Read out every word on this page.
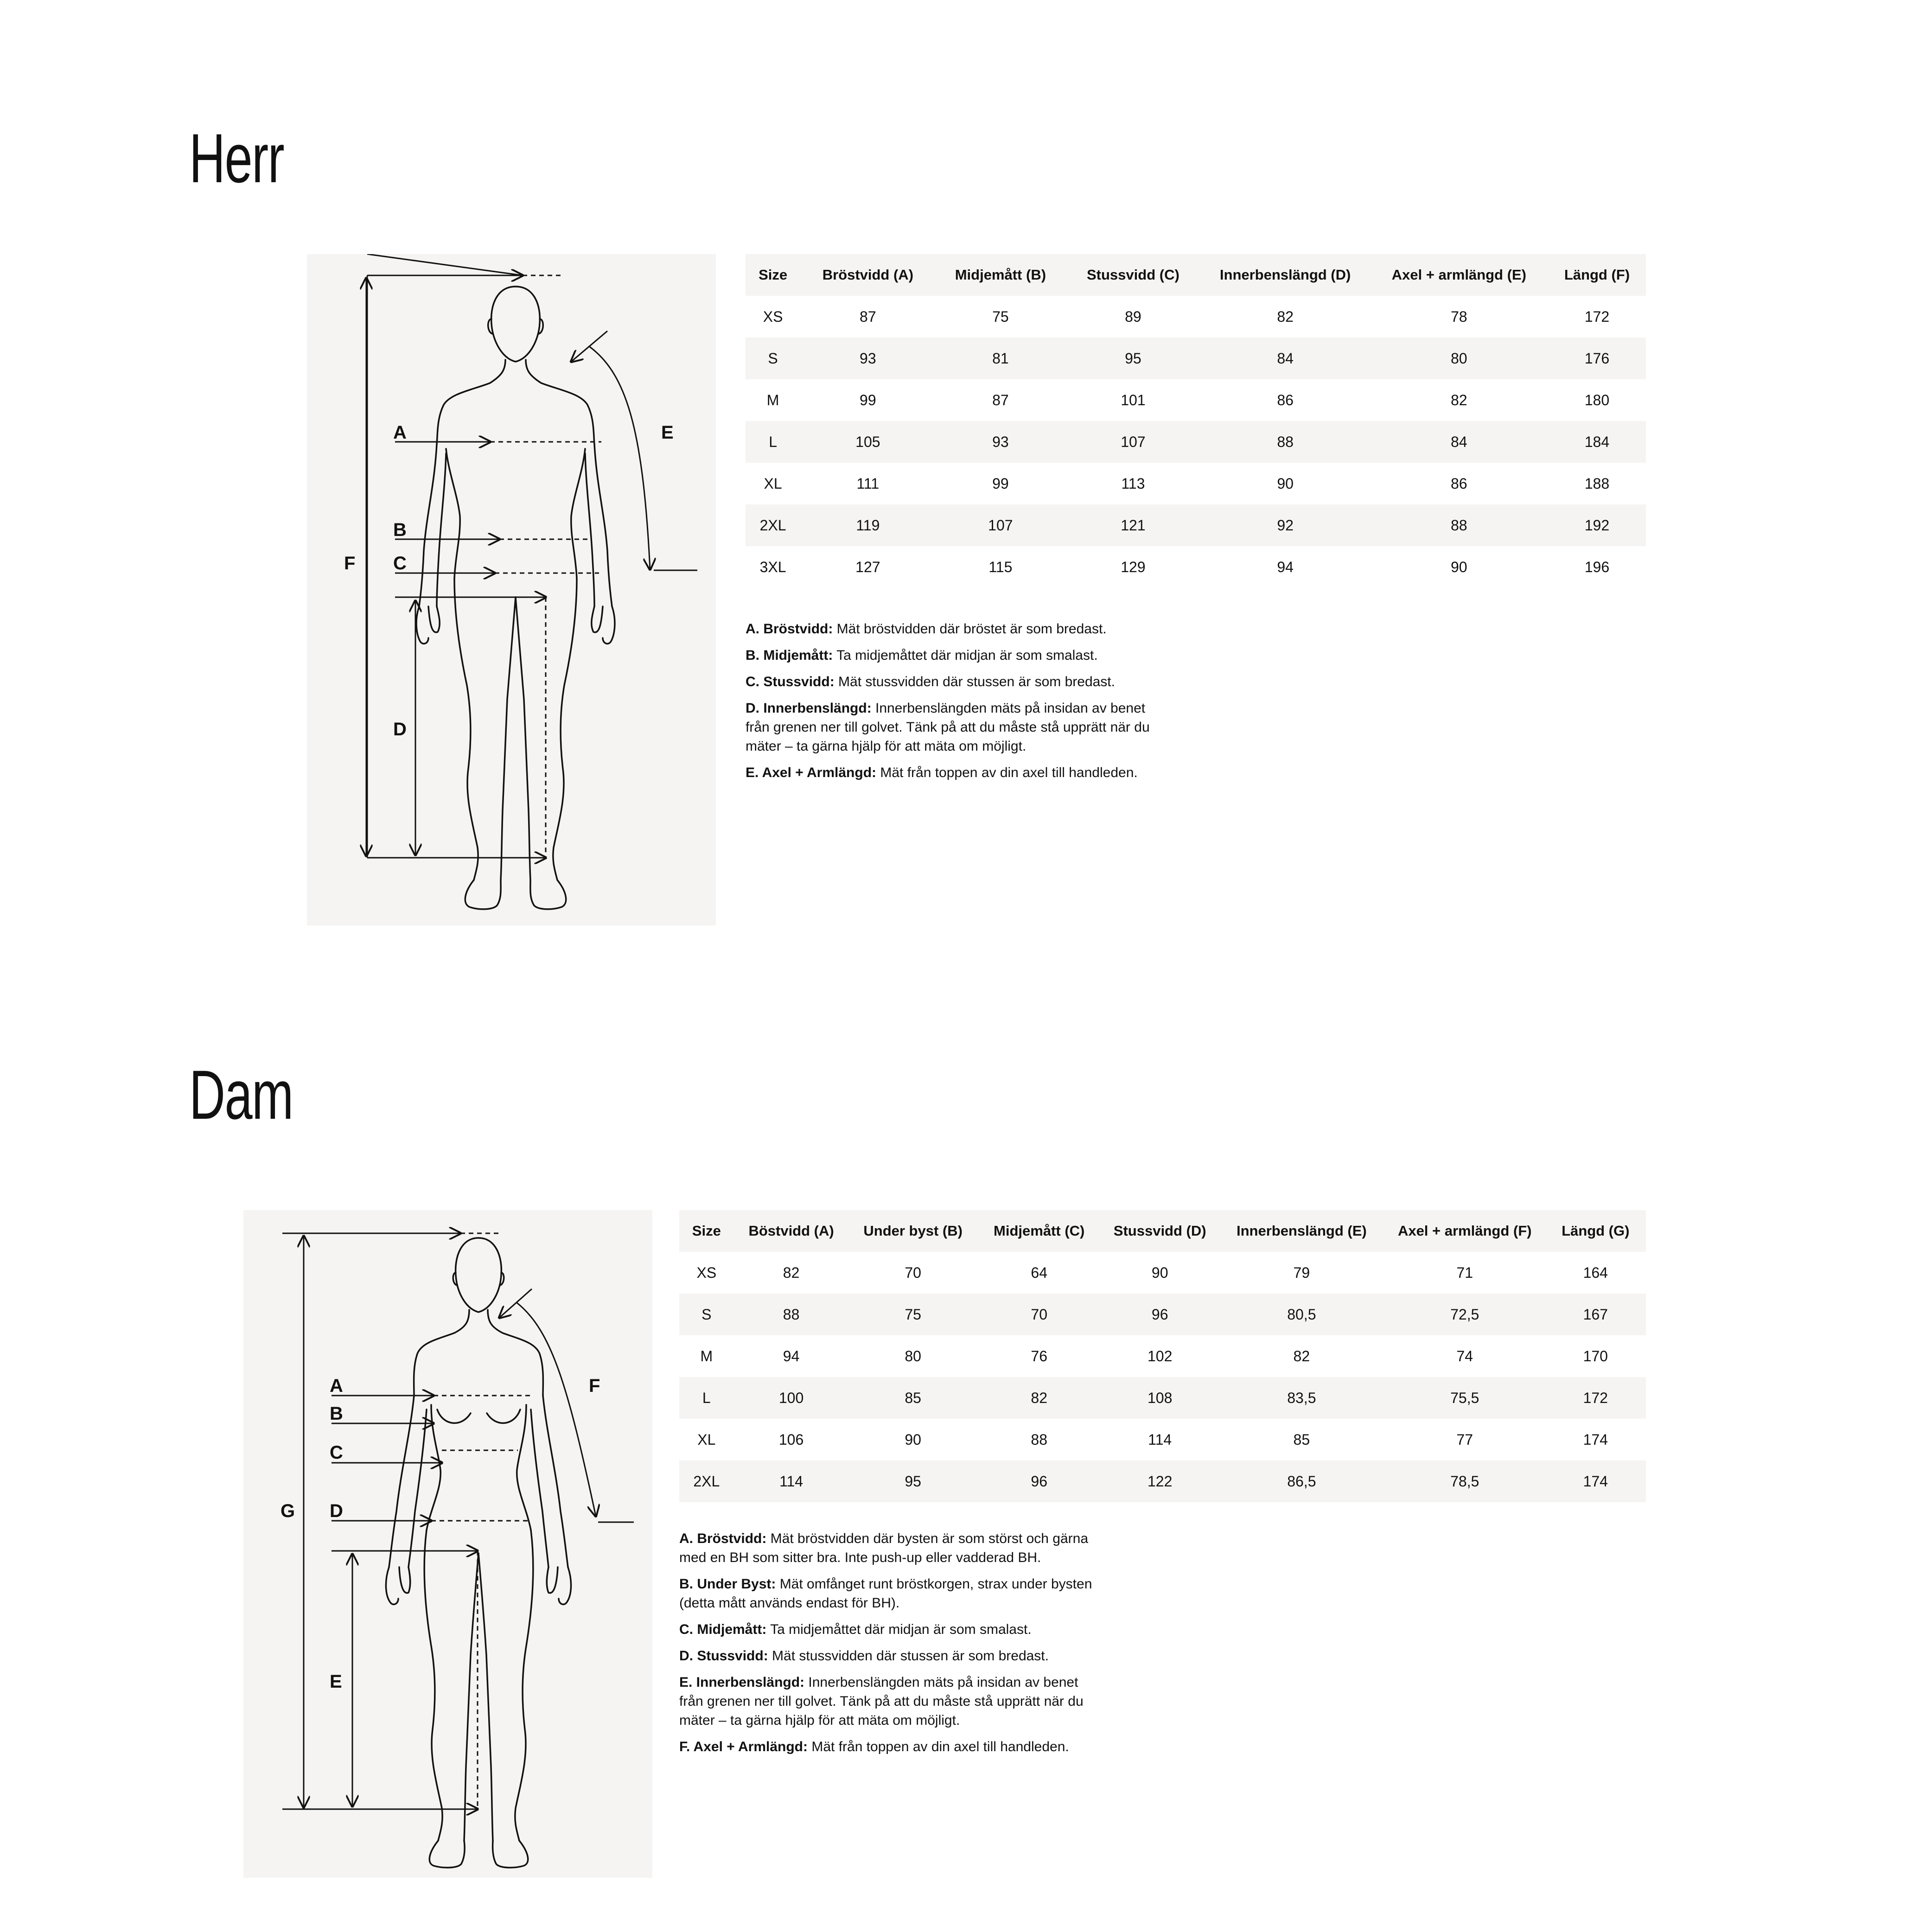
Herr
A
B
C
D
E
F
Size	Bröstvidd (A)	Midjemått (B)	Stussvidd (C)	Innerbenslängd (D)	Axel + armlängd (E)	Längd (F)
XS	87	75	89	82	78	172
S	93	81	95	84	80	176
M	99	87	101	86	82	180
L	105	93	107	88	84	184
XL	111	99	113	90	86	188
2XL	119	107	121	92	88	192
3XL	127	115	129	94	90	196

A. Bröstvidd: Mät bröstvidden där bröstet är som bredast.

B. Midjemått: Ta midjemåttet där midjan är som smalast.

C. Stussvidd: Mät stussvidden där stussen är som bredast.

D. Innerbenslängd: Innerbenslängden mäts på insidan av benet från grenen ner till golvet. Tänk på att du måste stå upprätt när du mäter – ta gärna hjälp för att mäta om möjligt.

E. Axel + Armlängd: Mät från toppen av din axel till handleden.

Dam
A
B
C
D
E
F
G
Size	Böstvidd (A)	Under byst (B)	Midjemått (C)	Stussvidd (D)	Innerbenslängd (E)	Axel + armlängd (F)	Längd (G)
XS	82	70	64	90	79	71	164
S	88	75	70	96	80,5	72,5	167
M	94	80	76	102	82	74	170
L	100	85	82	108	83,5	75,5	172
XL	106	90	88	114	85	77	174
2XL	114	95	96	122	86,5	78,5	174

A. Bröstvidd: Mät bröstvidden där bysten är som störst och gärna med en BH som sitter bra. Inte push-up eller vadderad BH.

B. Under Byst: Mät omfånget runt bröstkorgen, strax under bysten (detta mått används endast för BH).

C. Midjemått: Ta midjemåttet där midjan är som smalast.

D. Stussvidd: Mät stussvidden där stussen är som bredast.

E. Innerbenslängd: Innerbenslängden mäts på insidan av benet från grenen ner till golvet. Tänk på att du måste stå upprätt när du mäter – ta gärna hjälp för att mäta om möjligt.

F. Axel + Armlängd: Mät från toppen av din axel till handleden.
